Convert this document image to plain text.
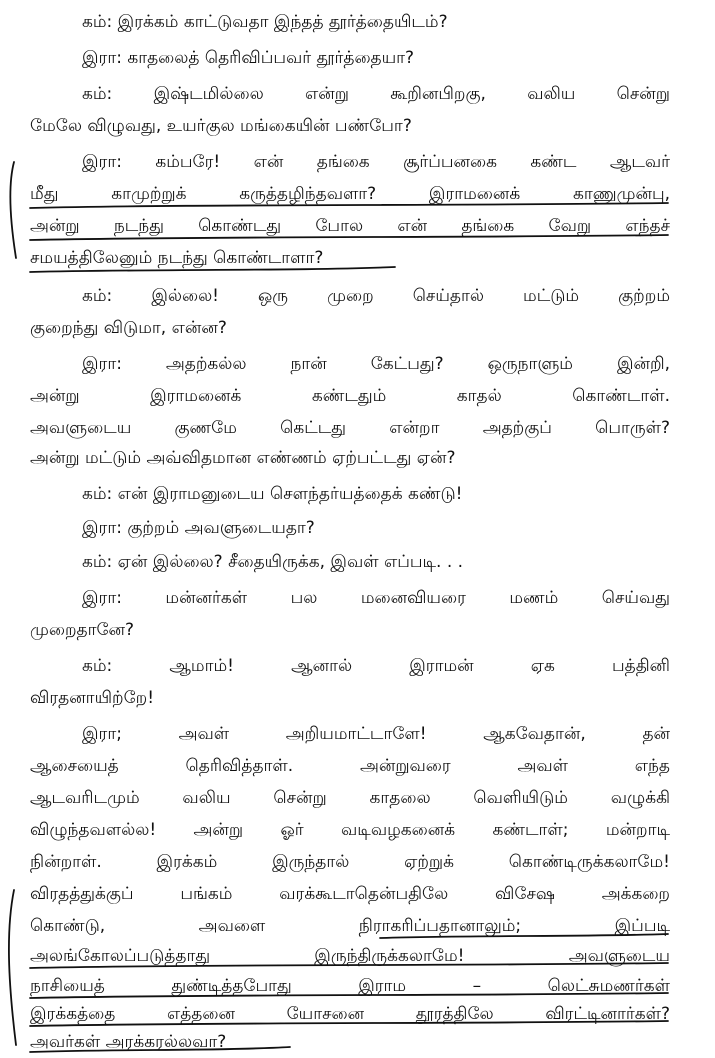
கம்: இரக்கம் காட்டுவதா இந்தத் தூர்த்தையிடம்?
இரா: காதலைத் தெரிவிப்பவர் தூர்த்தையா?
கம்: இஷ்டமில்லை என்று கூறினபிறகு, வலிய சென்று
மேலே விழுவது, உயர்குல மங்கையின் பண்போ?
இரா: கம்பரே! என் தங்கை சூர்ப்பனகை கண்ட ஆடவர்
மீது காமுற்றுக் கருத்தழிந்தவளா? இராமனைக் காணுமுன்பு,
அன்று நடந்து கொண்டது போல என் தங்கை வேறு எந்தச்
சமயத்திலேனும் நடந்து கொண்டாளா?
கம்: இல்லை! ஒரு முறை செய்தால் மட்டும் குற்றம்
குறைந்து விடுமா, என்ன?
இரா: அதற்கல்ல நான் கேட்பது? ஒருநாளும் இன்றி,
அன்று இராமனைக் கண்டதும் காதல் கொண்டாள்.
அவளுடைய குணமே கெட்டது என்றா அதற்குப் பொருள்?
அன்று மட்டும் அவ்விதமான எண்ணம் ஏற்பட்டது ஏன்?
கம்: என் இராமனுடைய சௌந்தர்யத்தைக் கண்டு!
இரா: குற்றம் அவளுடையதா?
கம்: ஏன் இல்லை? சீதையிருக்க, இவள் எப்படி. . .
இரா: மன்னர்கள் பல மனைவியரை மணம் செய்வது
முறைதானே?
கம்: ஆமாம்! ஆனால் இராமன் ஏக பத்தினி
விரதனாயிற்றே!
இரா; அவள் அறியமாட்டாளே! ஆகவேதான், தன்
ஆசையைத் தெரிவித்தாள். அன்றுவரை அவள் எந்த
ஆடவரிடமும் வலிய சென்று காதலை வெளியிடும் வழுக்கி
விழுந்தவளல்ல! அன்று ஓர் வடிவழகனைக் கண்டாள்; மன்றாடி
நின்றாள். இரக்கம் இருந்தால் ஏற்றுக் கொண்டிருக்கலாமே!
விரதத்துக்குப் பங்கம் வரக்கூடாதென்பதிலே விசேஷ அக்கறை
கொண்டு, அவளை நிராகரிப்பதானாலும்; இப்படி
அலங்கோலப்படுத்தாது இருந்திருக்கலாமே! அவளுடைய
நாசியைத் துண்டித்தபோது இராம – லெட்சுமணர்கள்
இரக்கத்தை எத்தனை யோசனை தூரத்திலே விரட்டினார்கள்?
அவர்கள் அரக்கரல்லவா?
